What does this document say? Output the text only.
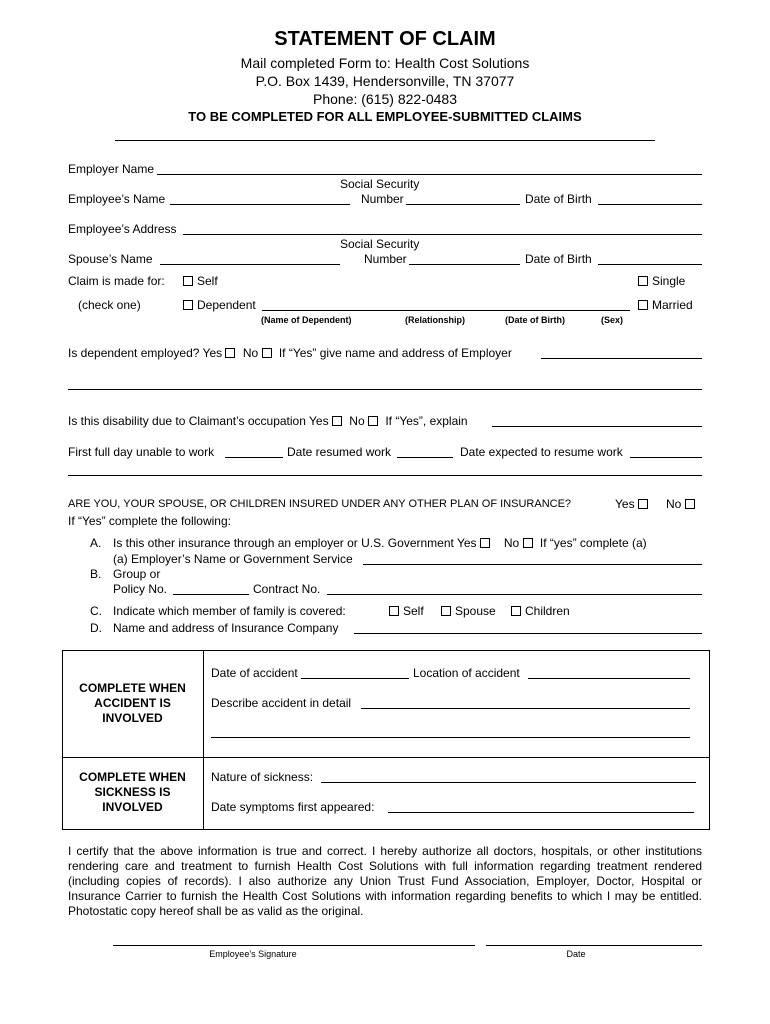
STATEMENT OF CLAIM
Mail completed Form to: Health Cost Solutions
P.O. Box 1439, Hendersonville, TN 37077
Phone: (615) 822-0483
TO BE COMPLETED FOR ALL EMPLOYEE-SUBMITTED CLAIMS
Employer Name
Social Security
Employee’s Name	Number	Date of Birth
Employee’s Address
Social Security
Spouse’s Name	Number	Date of Birth
Claim is made for:	Self	Single
(check one)	Dependent	Married
(Name of Dependent)	(Relationship)	(Date of Birth)	(Sex)
Is dependent employed? Yes No If “Yes” give name and address of Employer
Is this disability due to Claimant’s occupation Yes No If “Yes”, explain
First full day unable to work	Date resumed work	Date expected to resume work
ARE YOU, YOUR SPOUSE, OR CHILDREN INSURED UNDER ANY OTHER PLAN OF INSURANCE?	Yes	No
If “Yes” complete the following:
A. Is this other insurance through an employer or U.S. Government Yes No If “yes” complete (a)
(a) Employer’s Name or Government Service
B. Group or
Policy No.	Contract No.
C. Indicate which member of family is covered:	Self	Spouse	Children
D. Name and address of Insurance Company
COMPLETE WHEN
ACCIDENT IS
INVOLVED
Date of accident	Location of accident
Describe accident in detail
COMPLETE WHEN
SICKNESS IS
INVOLVED
Nature of sickness:
Date symptoms first appeared:
I certify that the above information is true and correct. I hereby authorize all doctors, hospitals, or other institutions rendering care and treatment to furnish Health Cost Solutions with full information regarding treatment rendered (including copies of records). I also authorize any Union Trust Fund Association, Employer, Doctor, Hospital or Insurance Carrier to furnish the Health Cost Solutions with information regarding benefits to which I may be entitled. Photostatic copy hereof shall be as valid as the original.
Employee’s Signature	Date
